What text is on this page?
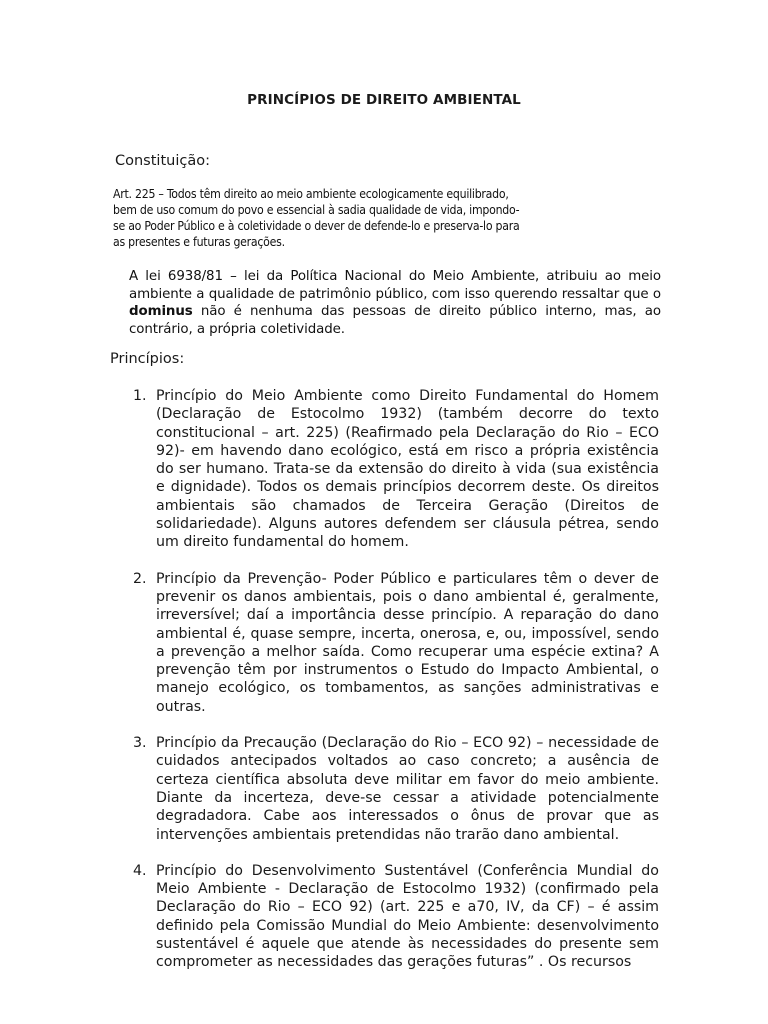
PRINCÍPIOS DE DIREITO AMBIENTAL
Constituição:
Art. 225 – Todos têm direito ao meio ambiente ecologicamente equilibrado,
bem de uso comum do povo e essencial à sadia qualidade de vida, impondo-
se ao Poder Público e à coletividade o dever de defende-lo e preserva-lo para
as presentes e futuras gerações.
A lei 6938/81 – lei da Política Nacional do Meio Ambiente, atribuiu ao meio ambiente a qualidade de patrimônio público, com isso querendo ressaltar que o dominus não é nenhuma das pessoas de direito público interno, mas, ao contrário, a própria coletividade.
Princípios:
1. Princípio do Meio Ambiente como Direito Fundamental do Homem (Declaração de Estocolmo 1932) (também decorre do texto constitucional – art. 225) (Reafirmado pela Declaração do Rio – ECO 92)- em havendo dano ecológico, está em risco a própria existência do ser humano. Trata-se da extensão do direito à vida (sua existência e dignidade). Todos os demais princípios decorrem deste. Os direitos ambientais são chamados de Terceira Geração (Direitos de solidariedade). Alguns autores defendem ser cláusula pétrea, sendo um direito fundamental do homem.
2. Princípio da Prevenção- Poder Público e particulares têm o dever de prevenir os danos ambientais, pois o dano ambiental é, geralmente, irreversível; daí a importância desse princípio. A reparação do dano ambiental é, quase sempre, incerta, onerosa, e, ou, impossível, sendo a prevenção a melhor saída. Como recuperar uma espécie extina? A prevenção têm por instrumentos o Estudo do Impacto Ambiental, o manejo ecológico, os tombamentos, as sanções administrativas e outras.
3. Princípio da Precaução (Declaração do Rio – ECO 92) – necessidade de cuidados antecipados voltados ao caso concreto; a ausência de certeza científica absoluta deve militar em favor do meio ambiente. Diante da incerteza, deve-se cessar a atividade potencialmente degradadora. Cabe aos interessados o ônus de provar que as intervenções ambientais pretendidas não trarão dano ambiental.
4. Princípio do Desenvolvimento Sustentável (Conferência Mundial do Meio Ambiente - Declaração de Estocolmo 1932) (confirmado pela Declaração do Rio – ECO 92) (art. 225 e a70, IV, da CF) – é assim definido pela Comissão Mundial do Meio Ambiente: desenvolvimento sustentável é aquele que atende às necessidades do presente sem comprometer as necessidades das gerações futuras” . Os recursos
